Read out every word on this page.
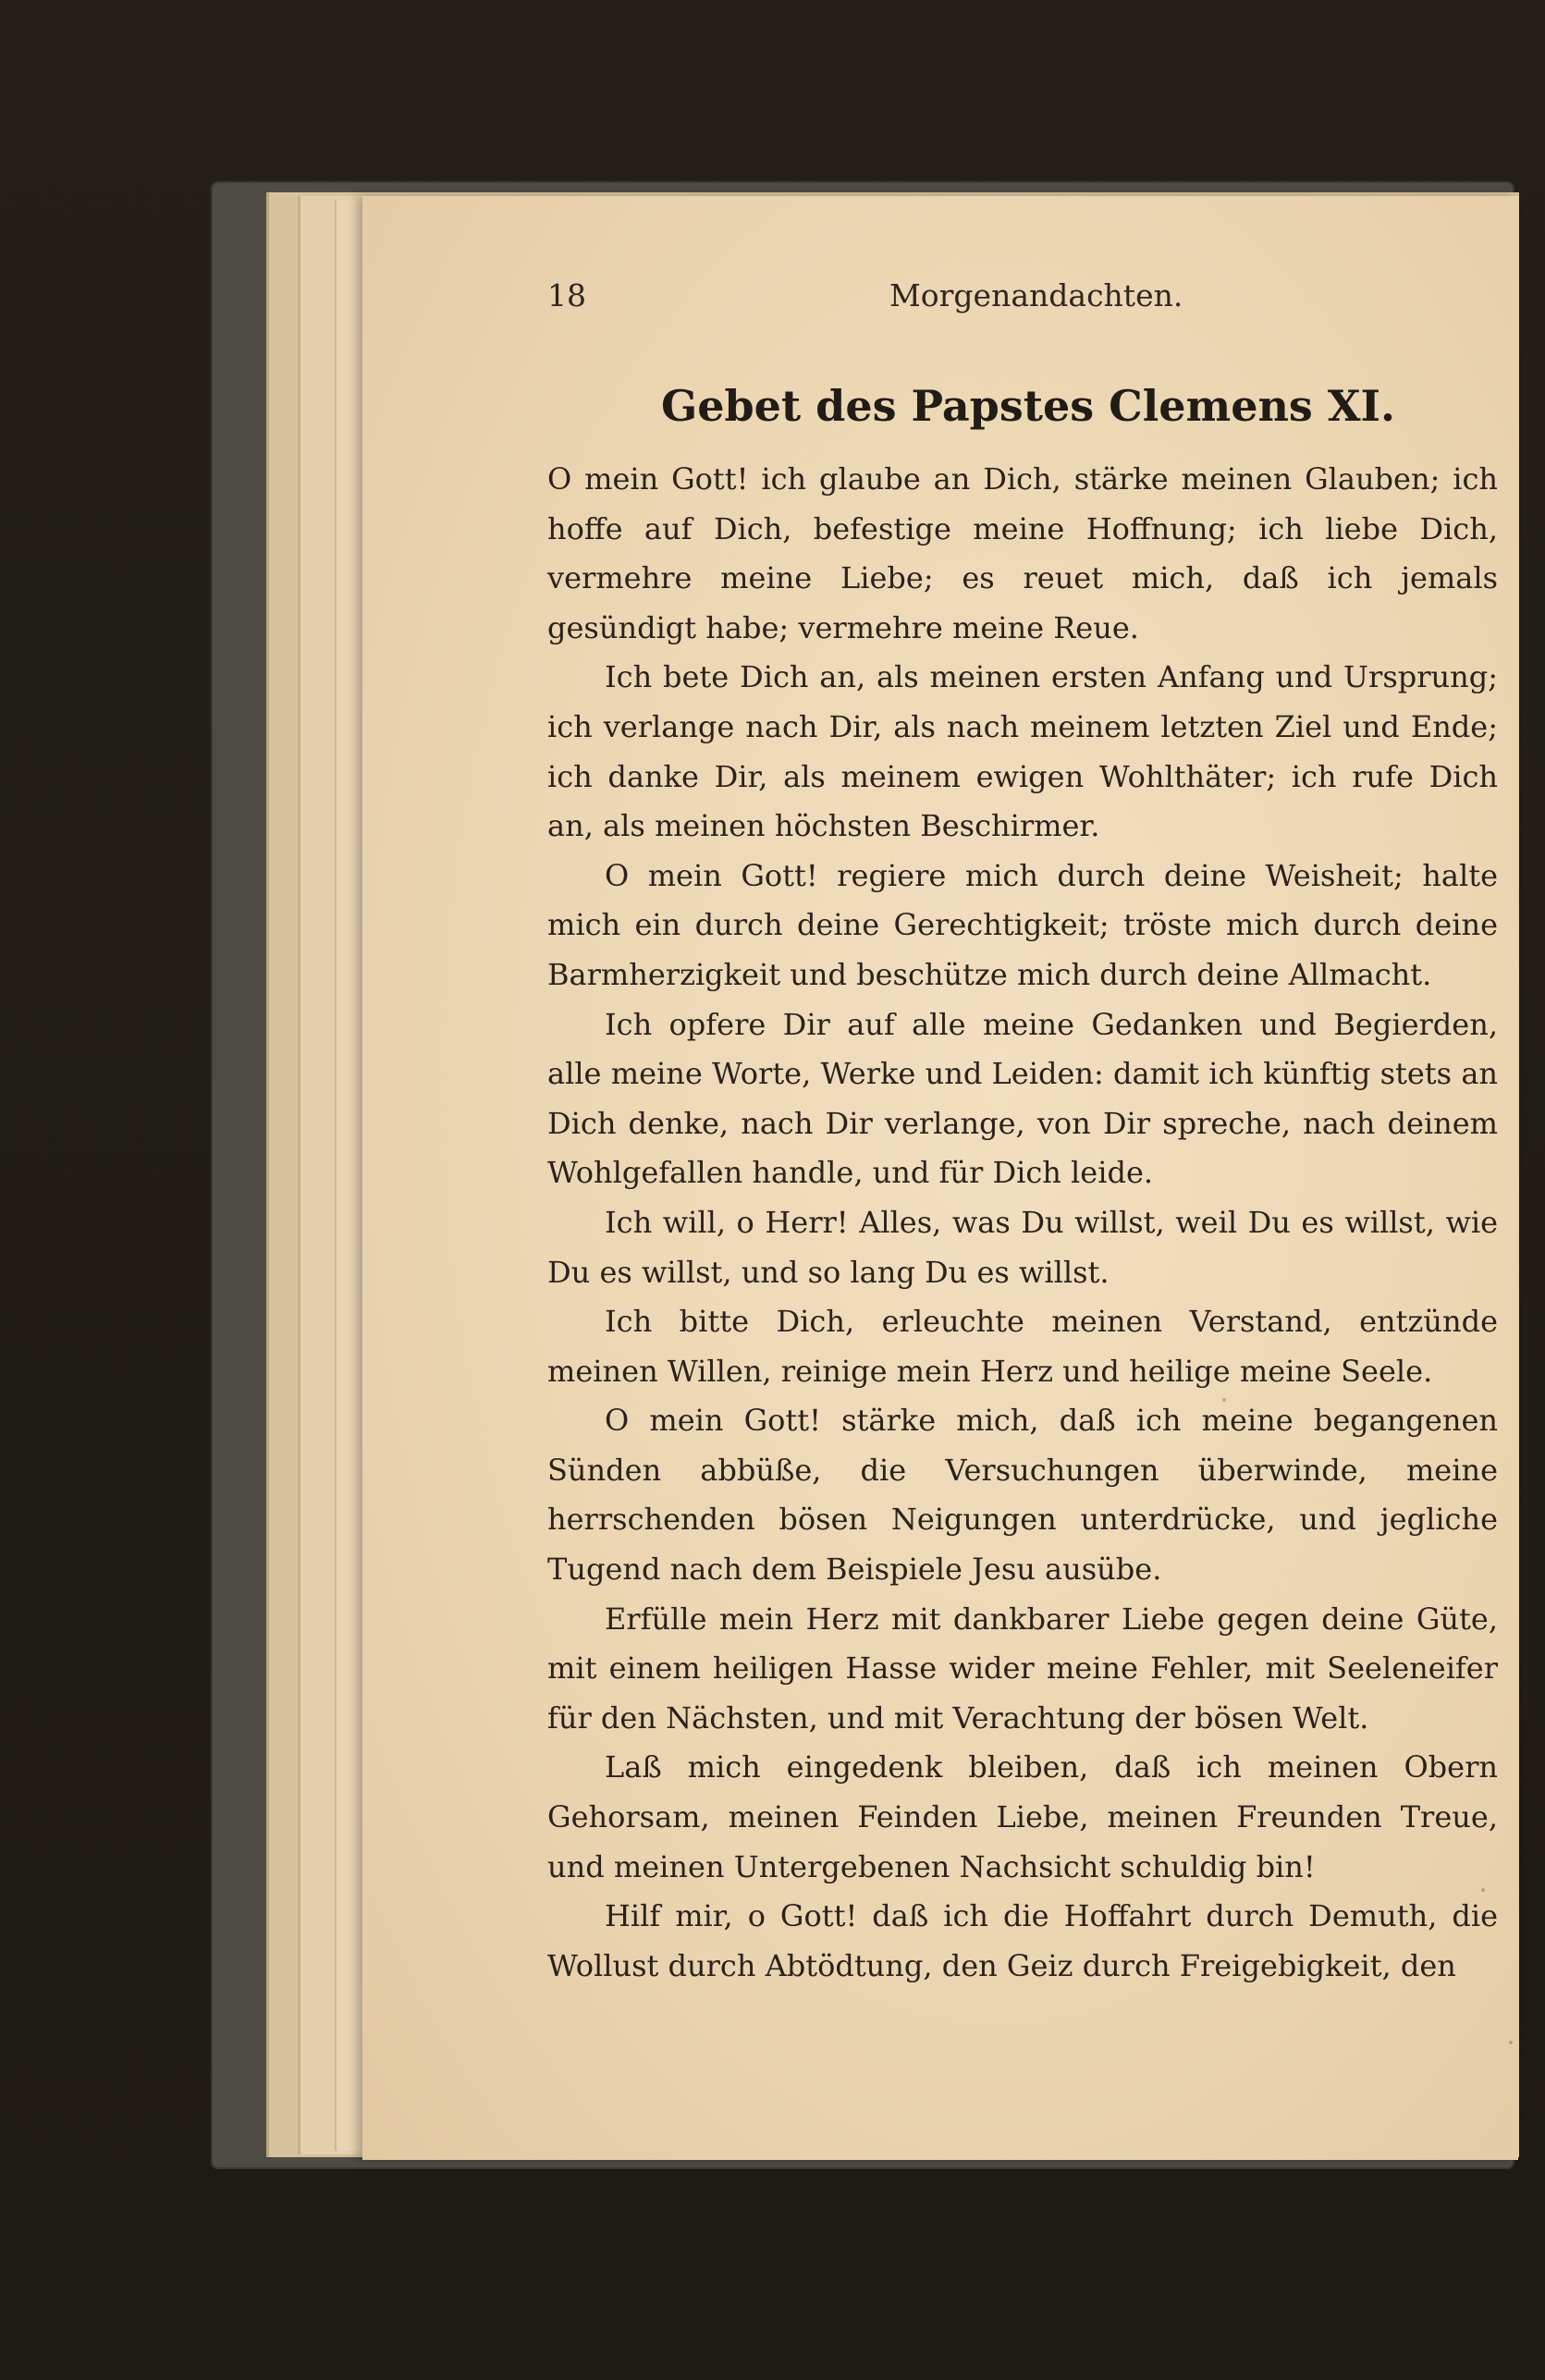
18	Morgenandachten.
Gebet des Papstes Clemens XI.

O mein Gott! ich glaube an Dich, stärke meinen Glauben; ich hoffe auf Dich, befestige meine Hoffnung; ich liebe Dich, vermehre meine Liebe; es reuet mich, daß ich jemals gesündigt habe; vermehre meine Reue.

Ich bete Dich an, als meinen ersten Anfang und Ursprung; ich verlange nach Dir, als nach meinem letzten Ziel und Ende; ich danke Dir, als meinem ewigen Wohlthäter; ich rufe Dich an, als meinen höchsten Beschirmer.

O mein Gott! regiere mich durch deine Weisheit; halte mich ein durch deine Gerechtigkeit; tröste mich durch deine Barmherzigkeit und beschütze mich durch deine Allmacht.

Ich opfere Dir auf alle meine Gedanken und Begierden, alle meine Worte, Werke und Leiden: damit ich künftig stets an Dich denke, nach Dir verlange, von Dir spreche, nach deinem Wohlgefallen handle, und für Dich leide.

Ich will, o Herr! Alles, was Du willst, weil Du es willst, wie Du es willst, und so lang Du es willst.

Ich bitte Dich, erleuchte meinen Verstand, entzünde meinen Willen, reinige mein Herz und heilige meine Seele.

O mein Gott! stärke mich, daß ich meine begangenen Sünden abbüße, die Versuchungen überwinde, meine herrschenden bösen Neigungen unterdrücke, und jegliche Tugend nach dem Beispiele Jesu ausübe.

Erfülle mein Herz mit dankbarer Liebe gegen deine Güte, mit einem heiligen Hasse wider meine Fehler, mit Seeleneifer für den Nächsten, und mit Verachtung der bösen Welt.

Laß mich eingedenk bleiben, daß ich meinen Obern Gehorsam, meinen Feinden Liebe, meinen Freunden Treue, und meinen Untergebenen Nachsicht schuldig bin!

Hilf mir, o Gott! daß ich die Hoffahrt durch Demuth, die Wollust durch Abtödtung, den Geiz durch Freigebigkeit, den
